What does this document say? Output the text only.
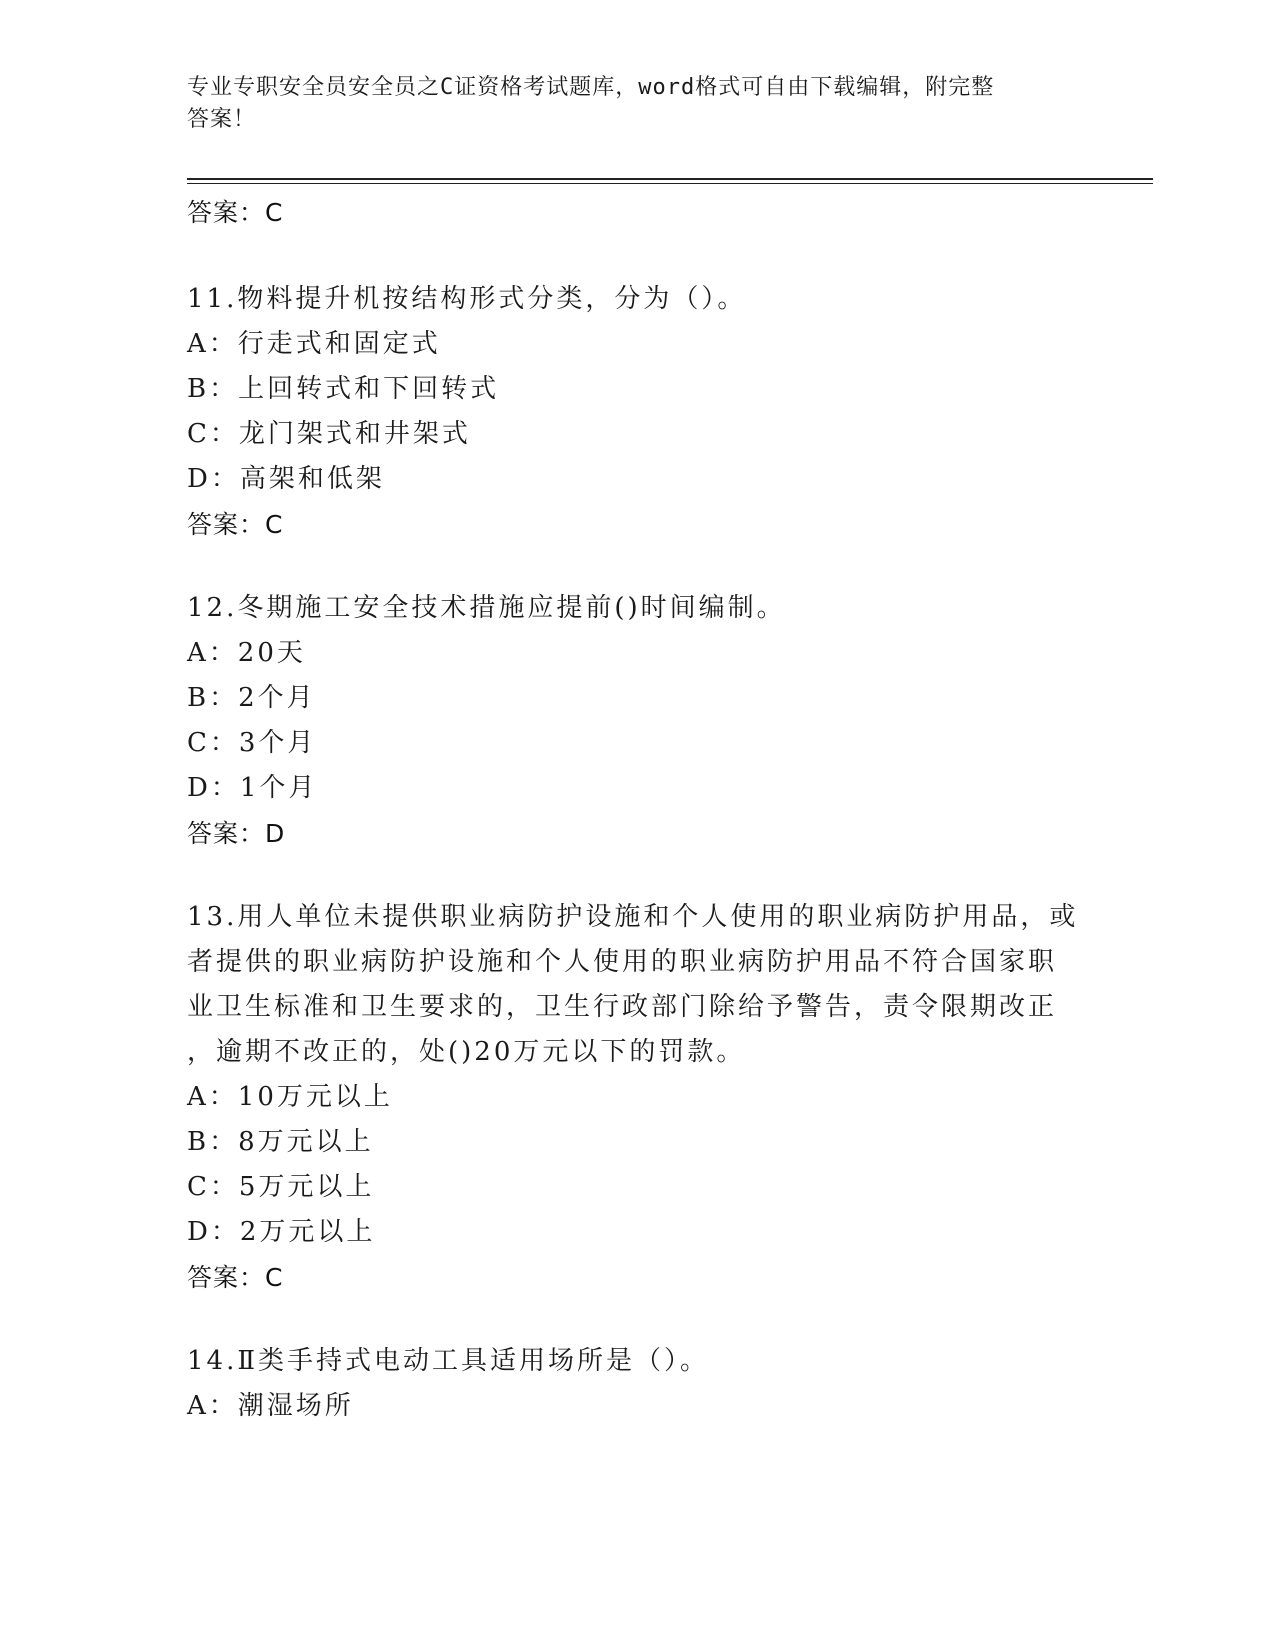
专业专职安全员安全员之C证资格考试题库，word格式可自由下载编辑，附完整
答案！
答案：C
11.物料提升机按结构形式分类，分为（）。
A：行走式和固定式
B：上回转式和下回转式
C：龙门架式和井架式
D：高架和低架
答案：C
12.冬期施工安全技术措施应提前()时间编制。
A：20天
B：2个月
C：3个月
D：1个月
答案：D
13.用人单位未提供职业病防护设施和个人使用的职业病防护用品，或
者提供的职业病防护设施和个人使用的职业病防护用品不符合国家职
业卫生标准和卫生要求的，卫生行政部门除给予警告，责令限期改正
，逾期不改正的，处()20万元以下的罚款。
A：10万元以上
B：8万元以上
C：5万元以上
D：2万元以上
答案：C
14.Ⅱ类手持式电动工具适用场所是（）。
A：潮湿场所
